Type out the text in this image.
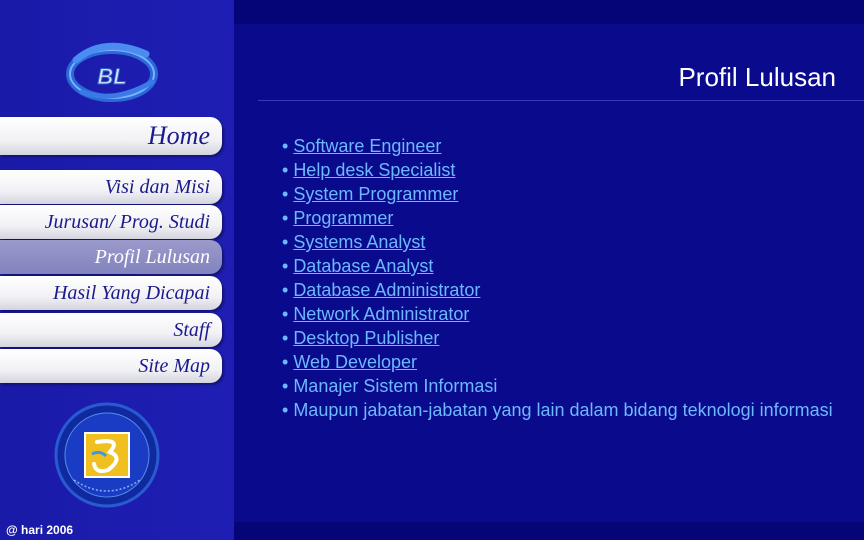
BL	Profil Lulusan
Home
Visi dan Misi
Jurusan/ Prog. Studi
Profil Lulusan
Hasil Yang Dicapai
Staff
Site Map
• Software Engineer
• Help desk Specialist
• System Programmer
• Programmer
• Systems Analyst
• Database Analyst
• Database Administrator
• Network Administrator
• Desktop Publisher
• Web Developer
• Manajer Sistem Informasi
• Maupun jabatan-jabatan yang lain dalam bidang teknologi informasi
@ hari 2006
